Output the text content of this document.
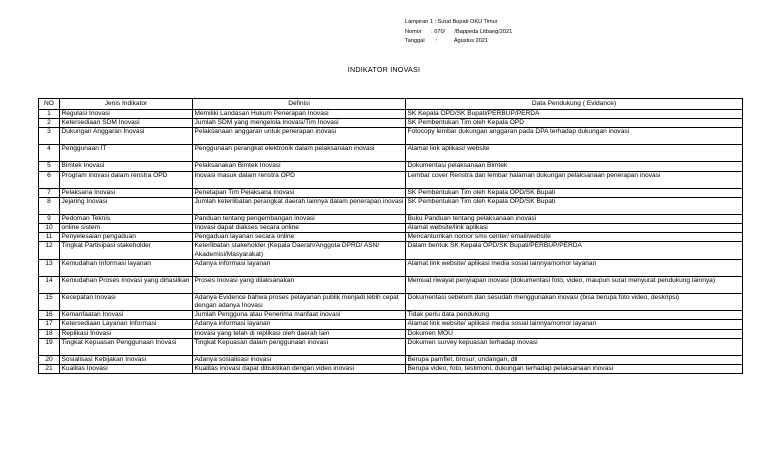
Lampiran 1 : Surat Bupati OKU Timur
Nomor      : 070/      /Bappeda Litbang/2021
Tanggal       :           Agustus 2021
INDIKATOR INOVASI
NO	Jenis Indikator	Definisi	Data Pendukung ( Evidance)
1	Regulasi Inovasi	Memiliki Landasan Hukum Penerapan Inovasi	SK Kepala OPD/SK Bupati/PERBUP/PERDA
2	Ketersediaan SDM Inovasi	Jumlah SDM yang mengelola Inovasi/Tim Inovasi	SK Pembentukan Tim oleh Kepala OPD
3	Dukungan Anggaran Inovasi	Pelaksanaan anggaran untuk penerapan inovasi	Fotocopy lembar dukungan anggaran pada DPA terhadap dukungan inovasi
4	Penggunaan IT	Penggunaan perangkat elektronik dalam pelaksanaan inovasi	Alamat link aplikasi/ website
5	Bimtek Inovasi	Pelaksanakan Bimtek Inovasi	Dokumentasi pelaksanaan Bimtek
6	Program inovasi dalam renstra OPD	Inovasi masuk dalam renstra OPD	Lembar cover Renstra dan lembar halaman dukungan pelaksanaan penerapan inovasi
7	Pelaksana Inovasi	Penetapan Tim Pelaksana Inovasi	SK Pembentukan Tim oleh Kepala OPD/SK Bupati
8	Jejaring Inovasi	Jumlah keterlibatan perangkat daerah lainnya dalam penerapan inovasi	SK Pembentukan Tim oleh Kepala OPD/SK Bupati
9	Pedoman Teknis	Panduan tentang pengembangan inovasi	Buku Panduan tentang pelaksanaan inovasi
10	online sistem	Inovasi dapat diakses secara online	Alamat website/link aplikasi
11	Penyelesaian pengaduan	Pengaduan layanan secara online	Mencantumkan nomor sms center/ email/website
12	Tingkat Partisipasi stakeholder	Keterlibatan stakeholder (Kepala Daerah/Anggota DPRD/ ASN/ Akademisi/Masyarakat)	Dalam bentuk SK Kepala OPD/SK Bupati/PERBUP/PERDA
13	Kemudahan Informasi layanan	Adanya informasi layanan	Alamat link website/ aplikasi media sosial lainnya/nomor layanan
14	Kemudahan Proses Inovasi yang dihasilkan	Proses Inovasi yang dilaksanakan	Memuat riwayat penyiapan inovasi (dokumentasi foto, video, maupun surat menyurat pendukung lainnya)
15	Kecepatan Inovasi	Adanya Evidence bahwa proses pelayanan publik menjadi lebih cepat dengan adanya Inovasi	Dokumentasi sebelum dan sesudah menggunakan inovasi (bisa berupa foto video, deskripsi)
16	Kemanfaatan Inovasi	Jumlah Pengguna atau Penerima manfaat inovasi	Tidak perlu data pendukung
17	Ketersediaan Layanan Informasi	Adanya informasi layanan	Alamat link website/ aplikasi media sosial lainnya/nomor layanan
18	Replikasi Inovasi	Inovasi yang telah di replikasi oleh daerah lain	Dokumen MOU
19	Tingkat Kepuasan Penggunaan Inovasi	Tingkat Kepuasan dalam penggunaan inovasi	Dokumen survey kepuasan terhadap inovasi
20	Sosialisasi Kebijakan Inovasi	Adanya sosialisasi inovasi	Berupa pamflet, brosur, undangan, dll
21	Kualitas Inovasi	Kualitas inovasi dapat dibuktikan dengan video inovasi	Berupa video, foto, testimoni, dukungan terhadap pelaksanaan inovasi
